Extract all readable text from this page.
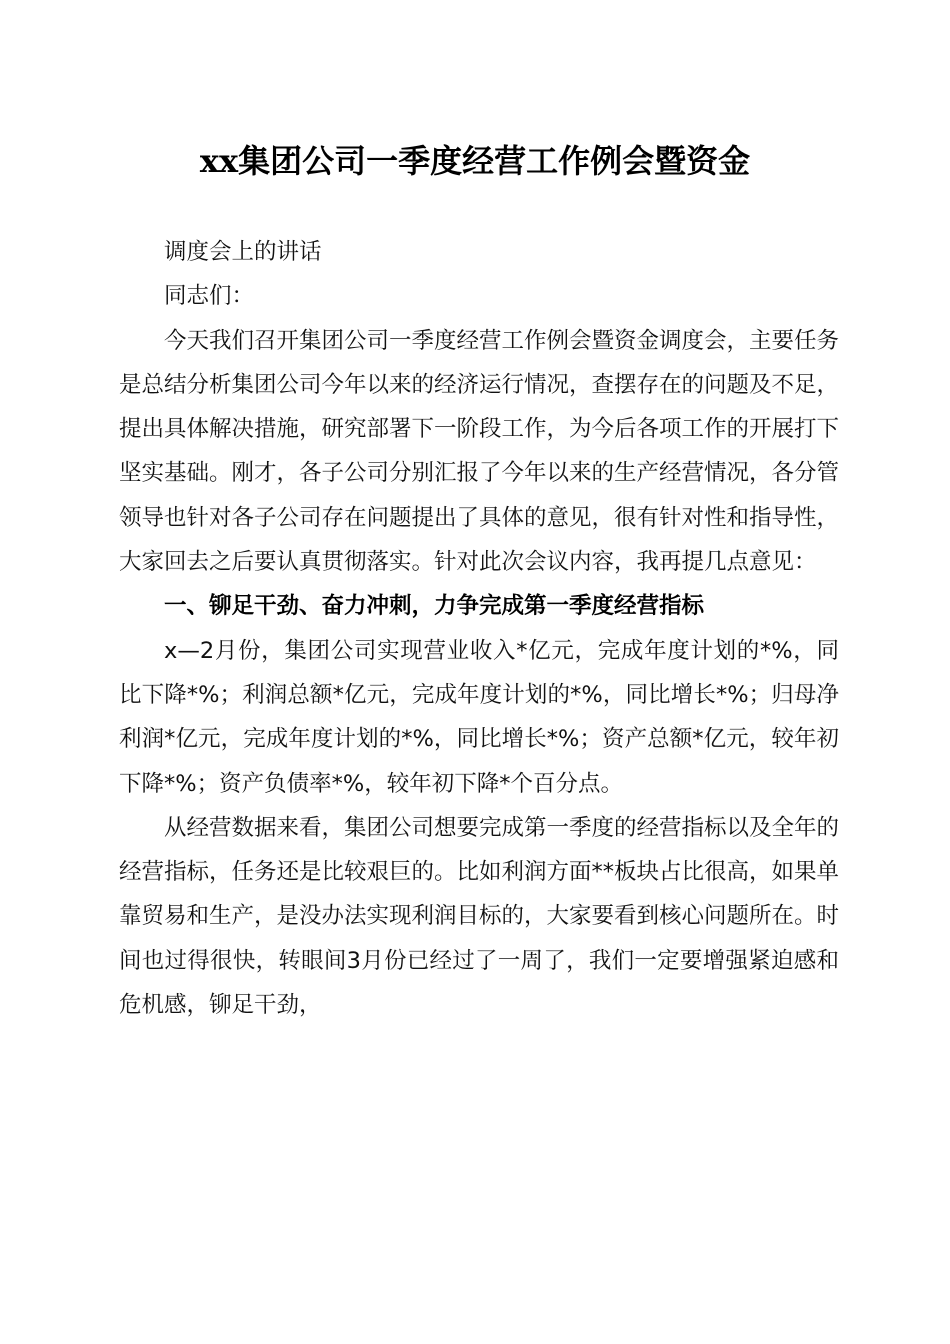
xx集团公司一季度经营工作例会暨资金

调度会上的讲话

同志们：

今天我们召开集团公司一季度经营工作例会暨资金调度会，主要任务是总结分析集团公司今年以来的经济运行情况，查摆存在的问题及不足，提出具体解决措施，研究部署下一阶段工作，为今后各项工作的开展打下坚实基础。刚才，各子公司分别汇报了今年以来的生产经营情况，各分管领导也针对各子公司存在问题提出了具体的意见，很有针对性和指导性，大家回去之后要认真贯彻落实。针对此次会议内容，我再提几点意见：

一、铆足干劲、奋力冲刺，力争完成第一季度经营指标

x—2月份，集团公司实现营业收入*亿元，完成年度计划的*%，同比下降*%；利润总额*亿元，完成年度计划的*%，同比增长*%；归母净利润*亿元，完成年度计划的*%，同比增长*%；资产总额*亿元，较年初下降*%；资产负债率*%，较年初下降*个百分点。

从经营数据来看，集团公司想要完成第一季度的经营指标以及全年的经营指标，任务还是比较艰巨的。比如利润方面**板块占比很高，如果单靠贸易和生产，是没办法实现利润目标的，大家要看到核心问题所在。时间也过得很快，转眼间3月份已经过了一周了，我们一定要增强紧迫感和危机感，铆足干劲，
